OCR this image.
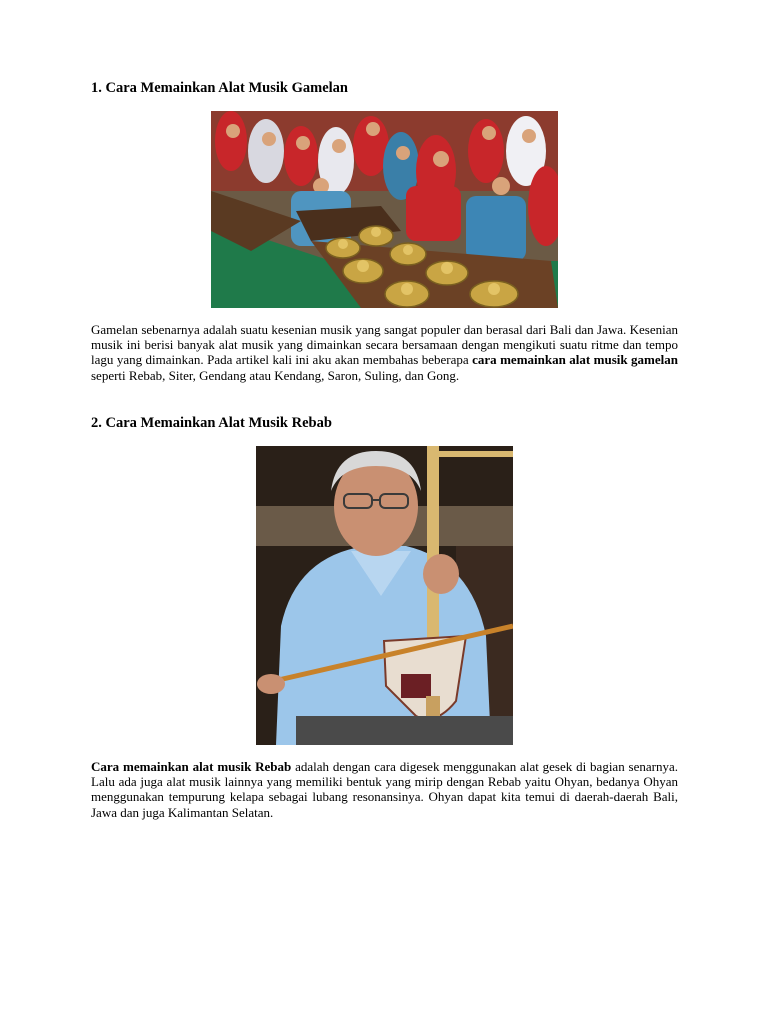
1. Cara Memainkan Alat Musik Gamelan
Gamelan sebenarnya adalah suatu kesenian musik yang sangat populer dan berasal dari Bali dan Jawa. Kesenian musik ini berisi banyak alat musik yang dimainkan secara bersamaan dengan mengikuti suatu ritme dan tempo lagu yang dimainkan. Pada artikel kali ini aku akan membahas beberapa cara memainkan alat musik gamelan seperti Rebab, Siter, Gendang atau Kendang, Saron, Suling, dan Gong.
2. Cara Memainkan Alat Musik Rebab
Cara memainkan alat musik Rebab adalah dengan cara digesek menggunakan alat gesek di bagian senarnya. Lalu ada juga alat musik lainnya yang memiliki bentuk yang mirip dengan Rebab yaitu Ohyan, bedanya Ohyan menggunakan tempurung kelapa sebagai lubang resonansinya. Ohyan dapat kita temui di daerah-daerah Bali, Jawa dan juga Kalimantan Selatan.
